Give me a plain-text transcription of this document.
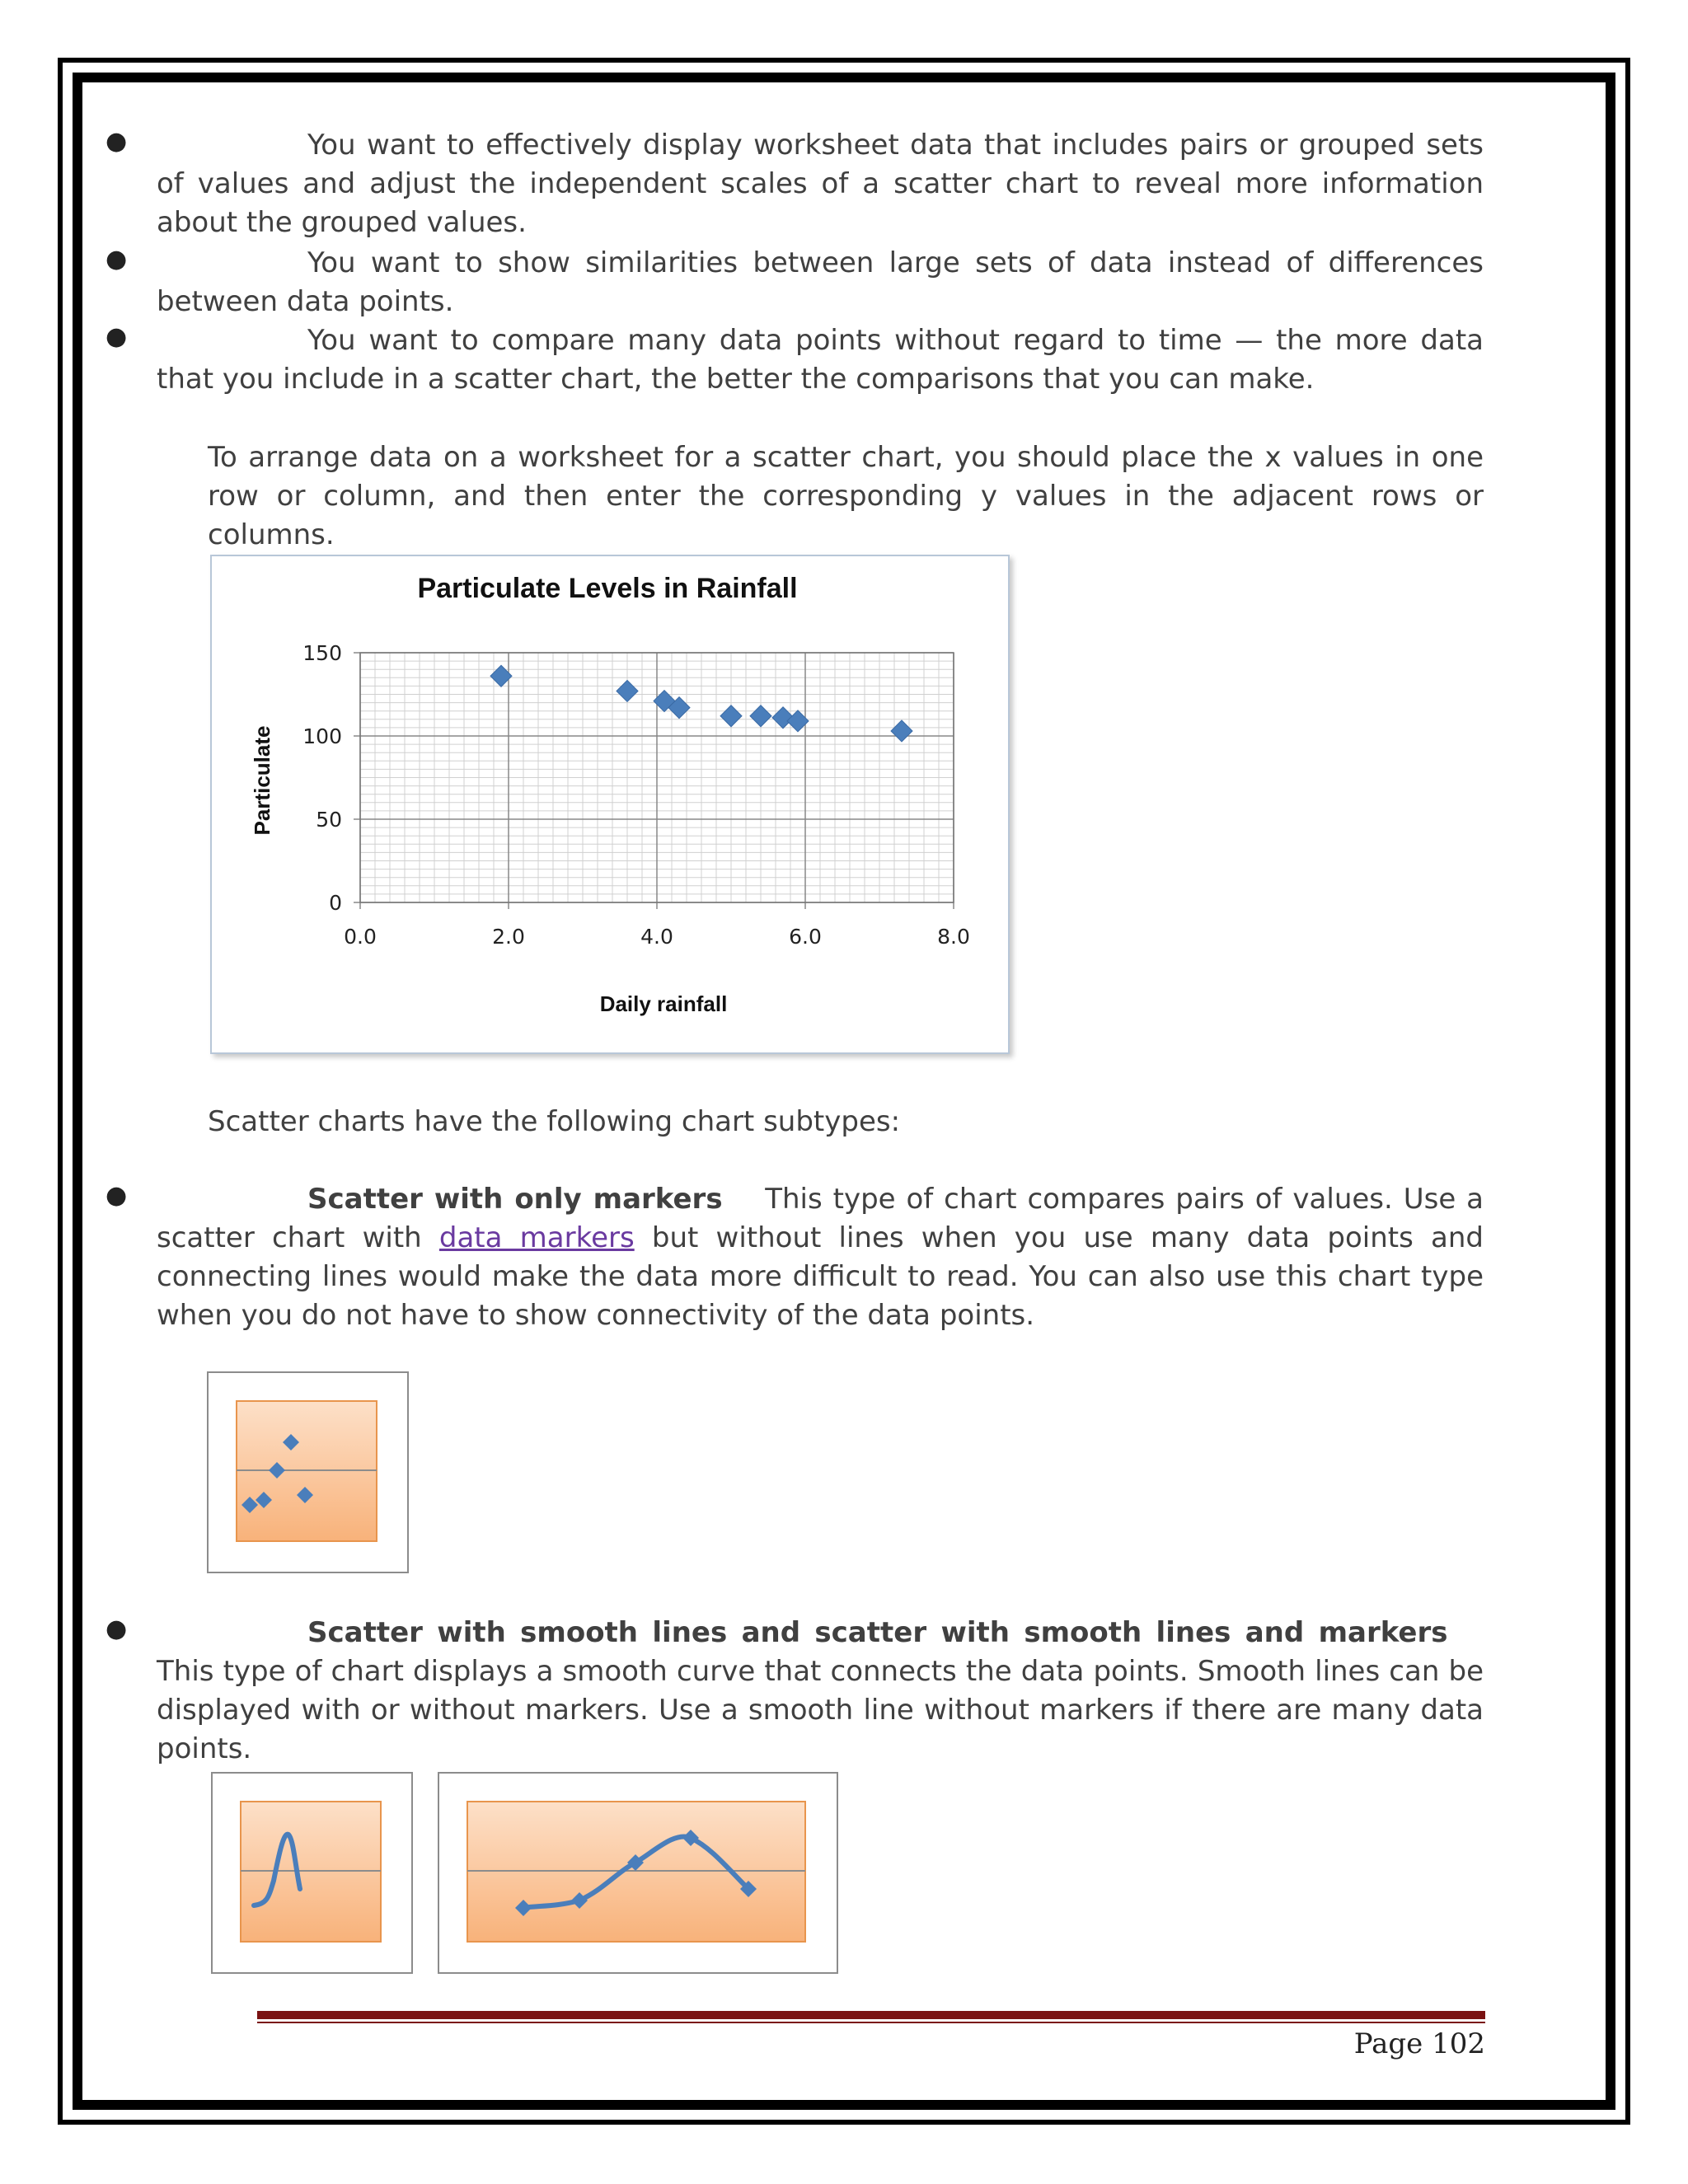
●	You want to effectively display worksheet data that includes pairs or grouped sets of values and adjust the independent scales of a scatter chart to reveal more information about the grouped values.
●	You want to show similarities between large sets of data instead of differences between data points.
●	You want to compare many data points without regard to time — the more data that you include in a scatter chart, the better the comparisons that you can make.
To arrange data on a worksheet for a scatter chart, you should place the x values in one row or column, and then enter the corresponding y values in the adjacent rows or columns.
Particulate Levels in Rainfall
0.0	2.0	4.0	6.0	8.0
0
50
100
150
Daily rainfall
Particulate
Scatter charts have the following chart subtypes:
●	Scatter with only markers This type of chart compares pairs of values. Use a scatter chart with data markers but without lines when you use many data points and connecting lines would make the data more difficult to read. You can also use this chart type when you do not have to show connectivity of the data points.
●	Scatter with smooth lines and scatter with smooth lines and markers    This type of chart displays a smooth curve that connects the data points. Smooth lines can be displayed with or without markers. Use a smooth line without markers if there are many data points.
Page 102
